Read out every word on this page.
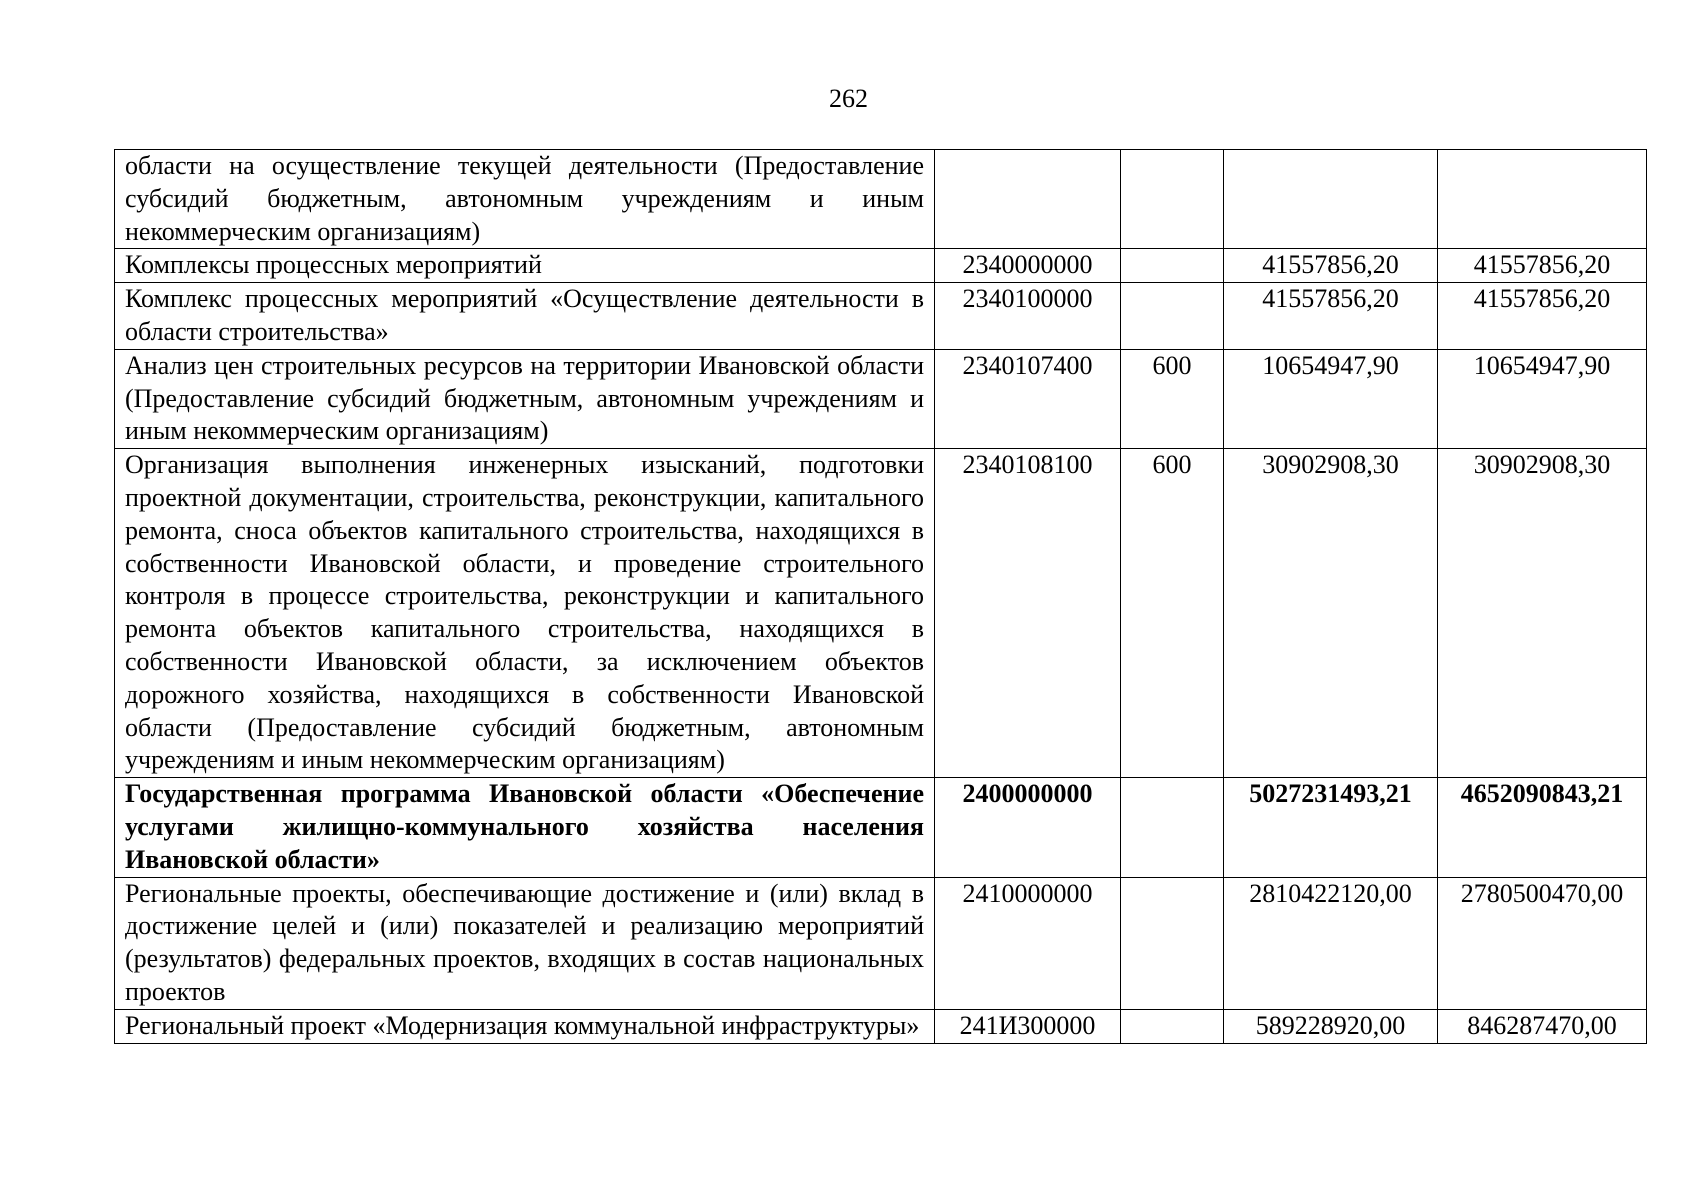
262
области на осуществление текущей деятельности (Предоставление субсидий бюджетным, автономным учреждениям и иным некоммерческим организациям)				
Комплексы процессных мероприятий	2340000000		41557856,20	41557856,20
Комплекс процессных мероприятий «Осуществление деятельности в области строительства»	2340100000		41557856,20	41557856,20
Анализ цен строительных ресурсов на территории Ивановской области (Предоставление субсидий бюджетным, автономным учреждениям и иным некоммерческим организациям)	2340107400	600	10654947,90	10654947,90
Организация выполнения инженерных изысканий, подготовки проектной документации, строительства, реконструкции, капитального ремонта, сноса объектов капитального строительства, находящихся в собственности Ивановской области, и проведение строительного контроля в процессе строительства, реконструкции и капитального ремонта объектов капитального строительства, находящихся в собственности Ивановской области, за исключением объектов дорожного хозяйства, находящихся в собственности Ивановской области (Предоставление субсидий бюджетным, автономным учреждениям и иным некоммерческим организациям)	2340108100	600	30902908,30	30902908,30
Государственная программа Ивановской области «Обеспечение услугами жилищно-коммунального хозяйства населения Ивановской области»	2400000000		5027231493,21	4652090843,21
Региональные проекты, обеспечивающие достижение и (или) вклад в достижение целей и (или) показателей и реализацию мероприятий (результатов) федеральных проектов, входящих в состав национальных проектов	2410000000		2810422120,00	2780500470,00
Региональный проект «Модернизация коммунальной инфраструктуры»	241И300000		589228920,00	846287470,00
